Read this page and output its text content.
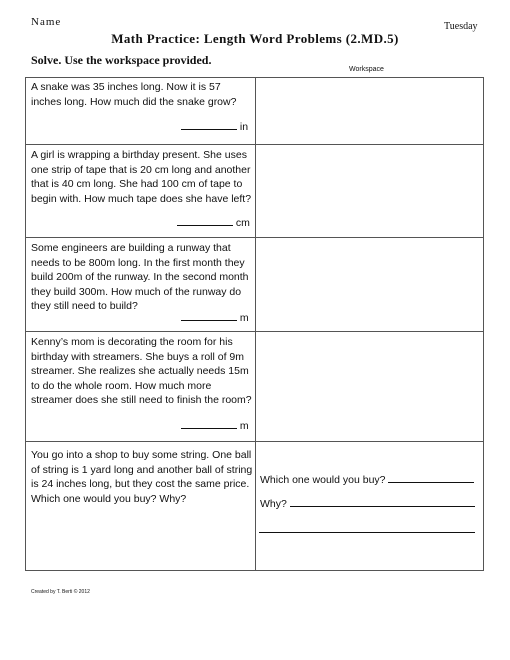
Name	Tuesday
Math Practice: Length Word Problems (2.MD.5)
Solve. Use the workspace provided.
Workspace
A snake was 35 inches long. Now it is 57 inches long. How much did the snake grow?
in
A girl is wrapping a birthday present. She uses one strip of tape that is 20 cm long and another that is 40 cm long. She had 100 cm of tape to begin with. How much tape does she have left?
cm
Some engineers are building a runway that needs to be 800m long. In the first month they build 200m of the runway. In the second month they build 300m. How much of the runway do they still need to build?
m
Kenny’s mom is decorating the room for his birthday with streamers. She buys a roll of 9m streamer. She realizes she actually needs 15m to do the whole room. How much more streamer does she still need to finish the room?
m
You go into a shop to buy some string. One ball of string is 1 yard long and another ball of string is 24 inches long, but they cost the same price. Which one would you buy? Why?
Which one would you buy?
Why?
Created by T. Berti © 2012
